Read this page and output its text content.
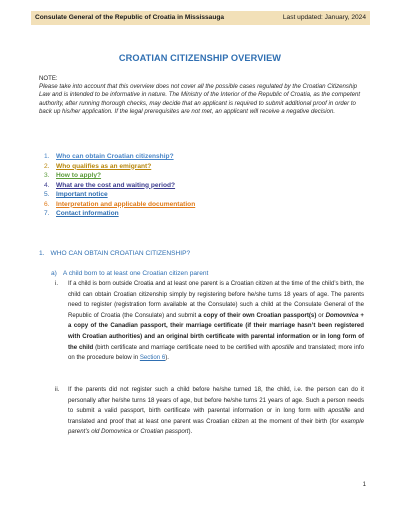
Consulate General of the Republic of Croatia in Mississauga	Last updated: January, 2024
CROATIAN CITIZENSHIP OVERVIEW
NOTE:
Please take into account that this overview does not cover all the possible cases regulated by the Croatian Citizenship Law and is intended to be informative in nature. The Ministry of the Interior of the Republic of Croatia, as the competent authority, after running thorough checks, may decide that an applicant is required to submit additional proof in order to back up his/her application. If the legal prerequisites are not met, an applicant will receive a negative decision.
1. Who can obtain Croatian citizenship?
2. Who qualifies as an emigrant?
3. How to apply?
4. What are the cost and waiting period?
5. Important notice
6. Interpretation and applicable documentation
7. Contact information
1. WHO CAN OBTAIN CROATIAN CITIZENSHIP?
a) A child born to at least one Croatian citizen parent
i.	If a child is born outside Croatia and at least one parent is a Croatian citizen at the time of the child’s birth, the child can obtain Croatian citizenship simply by registering before he/she turns 18 years of age. The parents need to register (registration form available at the Consulate) such a child at the Consulate General of the Republic of Croatia (the Consulate) and submit a copy of their own Croatian passport(s) or Domovnica + a copy of the Canadian passport, their marriage certificate (if their marriage hasn’t been registered with Croatian authorities) and an original birth certificate with parental information or in long form of the child (birth certificate and marriage certificate need to be certified with apostille and translated; more info on the procedure below in Section 6).
ii.	If the parents did not register such a child before he/she turned 18, the child, i.e. the person can do it personally after he/she turns 18 years of age, but before he/she turns 21 years of age. Such a person needs to submit a valid passport, birth certificate with parental information or in long form with apostille and translated and proof that at least one parent was Croatian citizen at the moment of their birth (for example parent’s old Domovnica or Croatian passport).
1
